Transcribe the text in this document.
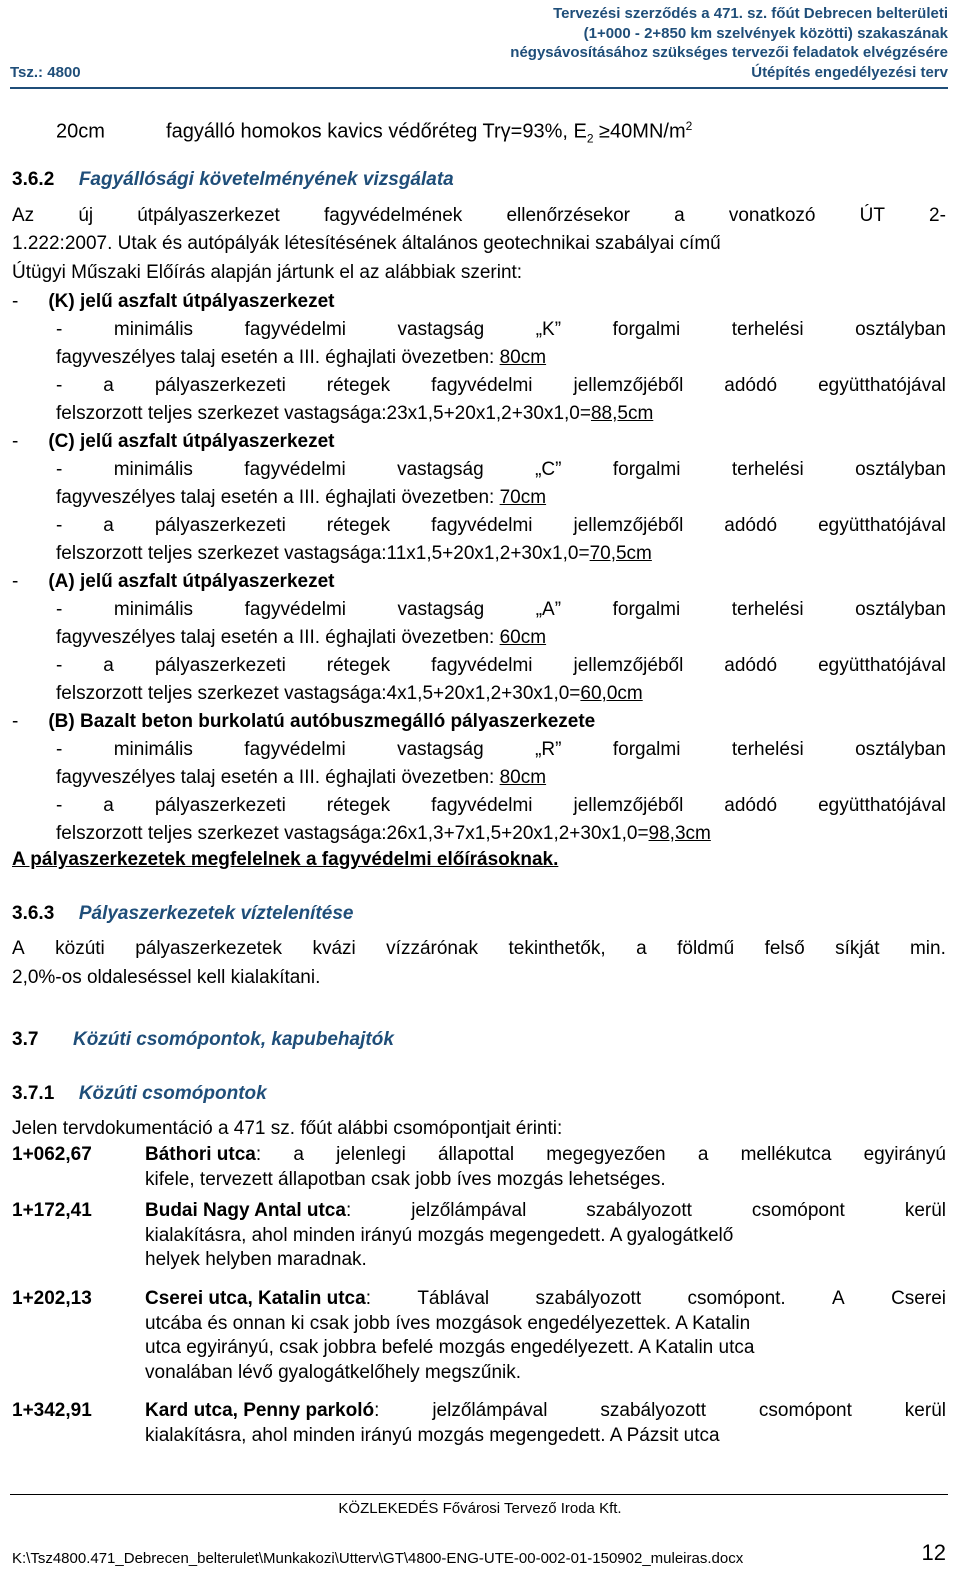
Tsz.: 4800
Tervezési szerződés a 471. sz. főút Debrecen belterületi
(1+000 - 2+850 km szelvények közötti) szakaszának
négysávosításához szükséges tervezői feladatok elvégzésére
Útépítés engedélyezési terv
20cm	fagyálló homokos kavics védőréteg Trγ=93%, $E_2 \ge 40MN/m^2$
3.6.2 Fagyállósági követelményének vizsgálata
Az új útpályaszerkezet fagyvédelmének ellenőrzésekor a vonatkozó ÚT 2-
1.222:2007. Utak és autópályák létesítésének általános geotechnikai szabályai című
Útügyi Műszaki Előírás alapján jártunk el az alábbiak szerint:
- (K) jelű aszfalt útpályaszerkezet
-	minimális	fagyvédelmi	vastagság	„K”	forgalmi	terhelési	osztályban
fagyveszélyes talaj esetén a III. éghajlati övezetben: 80cm
- a pályaszerkezeti rétegek fagyvédelmi jellemzőjéből adódó együtthatójával
felszorzott teljes szerkezet vastagsága:23x1,5+20x1,2+30x1,0=88,5cm
- (C) jelű aszfalt útpályaszerkezet
-	minimális	fagyvédelmi	vastagság	„C”	forgalmi	terhelési	osztályban
fagyveszélyes talaj esetén a III. éghajlati övezetben: 70cm
- a pályaszerkezeti rétegek fagyvédelmi jellemzőjéből adódó együtthatójával
felszorzott teljes szerkezet vastagsága:11x1,5+20x1,2+30x1,0=70,5cm
- (A) jelű aszfalt útpályaszerkezet
-	minimális	fagyvédelmi	vastagság	„A”	forgalmi	terhelési	osztályban
fagyveszélyes talaj esetén a III. éghajlati övezetben: 60cm
- a pályaszerkezeti rétegek fagyvédelmi jellemzőjéből adódó együtthatójával
felszorzott teljes szerkezet vastagsága:4x1,5+20x1,2+30x1,0=60,0cm
- (B) Bazalt beton burkolatú autóbuszmegálló pályaszerkezete
-	minimális	fagyvédelmi	vastagság	„R”	forgalmi	terhelési	osztályban
fagyveszélyes talaj esetén a III. éghajlati övezetben: 80cm
- a pályaszerkezeti rétegek fagyvédelmi jellemzőjéből adódó együtthatójával
felszorzott teljes szerkezet vastagsága:26x1,3+7x1,5+20x1,2+30x1,0=98,3cm
A pályaszerkezetek megfelelnek a fagyvédelmi előírásoknak.
3.6.3 Pályaszerkezetek víztelenítése
A közúti pályaszerkezetek kvázi vízzárónak tekinthetők, a földmű felső síkját min.
2,0%-os oldaleséssel kell kialakítani.
3.7 Közúti csomópontok, kapubehajtók
3.7.1 Közúti csomópontok
Jelen tervdokumentáció a 471 sz. főút alábbi csomópontjait érinti:
1+062,67	Báthori utca: a jelenlegi állapottal megegyezően a mellékutca egyirányú
kifele, tervezett állapotban csak jobb íves mozgás lehetséges.
1+172,41	Budai Nagy Antal utca:	jelzőlámpával	szabályozott	csomópont	kerül
kialakításra, ahol minden irányú mozgás megengedett. A gyalogátkelő
helyek helyben maradnak.
1+202,13	Cserei utca, Katalin utca: Táblával szabályozott csomópont. A Cserei
utcába és onnan ki csak jobb íves mozgások engedélyezettek. A Katalin
utca egyirányú, csak jobbra befelé mozgás engedélyezett. A Katalin utca
vonalában lévő gyalogátkelőhely megszűnik.
1+342,91	Kard utca, Penny parkoló:	jelzőlámpával	szabályozott	csomópont	kerül
kialakításra, ahol minden irányú mozgás megengedett. A Pázsit utca
KÖZLEKEDÉS Fővárosi Tervező Iroda Kft.
K:\Tsz4800.471_Debrecen_belterulet\Munkakozi\Utterv\GT\4800-ENG-UTE-00-002-01-150902_muleiras.docx	12
